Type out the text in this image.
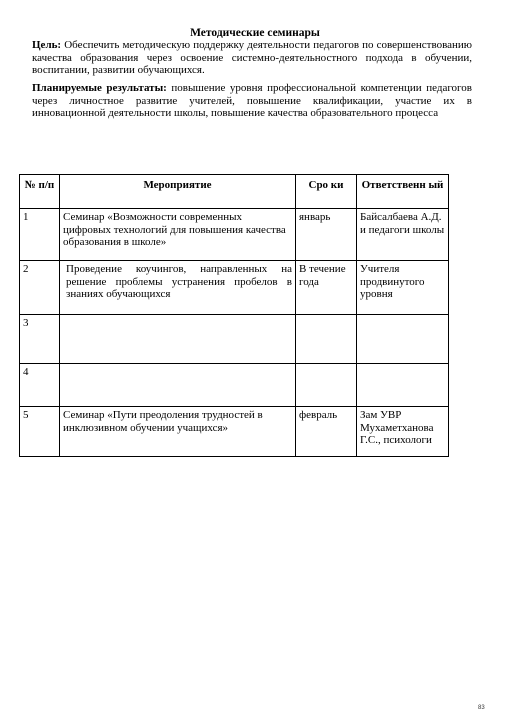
Методические семинары
Цель: Обеспечить методическую поддержку деятельности педагогов по совершенствованию качества образования через освоение системно-деятельностного подхода в обучении, воспитании, развитии обучающихся.
Планируемые результаты: повышение уровня профессиональной компетенции педагогов через личностное развитие учителей, повышение квалификации, участие их в инновационной деятельности школы, повышение качества образовательного процесса
№ п/п	Мероприятие	Сро ки	Ответственн ый
1	Семинар «Возможности современных цифровых технологий для повышения качества образования в школе»	январь	Байсалбаева А.Д. и педагоги школы
2	Проведение коучингов, направленных на решение проблемы устранения пробелов в знаниях обучающихся	В течение года	Учителя продвинутого уровня
3			
4			
5	Семинар «Пути преодоления трудностей в инклюзивном обучении учащихся»	февраль	Зам УВР Мухаметханова Г.С., психологи
83
